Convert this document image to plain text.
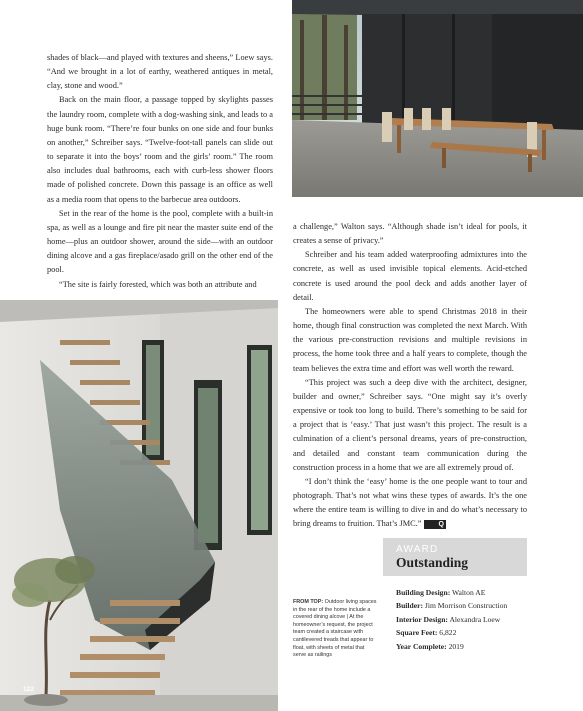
shades of black—and played with textures and sheens,” Loew says. “And we brought in a lot of earthy, weathered antiques in metal, clay, stone and wood.”

Back on the main floor, a passage topped by skylights passes the laundry room, complete with a dog-washing sink, and leads to a huge bunk room. “There’re four bunks on one side and four bunks on another,” Schreiber says. “Twelve-foot-tall panels can slide out to separate it into the boys’ room and the girls’ room.” The room also includes dual bathrooms, each with curb-less shower floors made of polished concrete. Down this passage is an office as well as a media room that opens to the barbecue area outdoors.

Set in the rear of the home is the pool, complete with a built-in spa, as well as a lounge and fire pit near the master suite end of the home—plus an outdoor shower, around the side—with an outdoor dining alcove and a gas fireplace/asado grill on the other end of the pool.

“The site is fairly forested, which was both an attribute and

a challenge,” Walton says. “Although shade isn’t ideal for pools, it creates a sense of privacy.”

Schreiber and his team added waterproofing admixtures into the concrete, as well as used invisible topical elements. Acid-etched concrete is used around the pool deck and adds another layer of detail.

The homeowners were able to spend Christmas 2018 in their home, though final construction was completed the next March. With the various pre-construction revisions and multiple revisions in process, the home took three and a half years to complete, though the team believes the extra time and effort was well worth the reward.

“This project was such a deep dive with the architect, designer, builder and owner,” Schreiber says. “One might say it’s overly expensive or took too long to build. There’s something to be said for a project that is ‘easy.’ That just wasn’t this project. The result is a culmination of a client’s personal dreams, years of pre-construction, and detailed and constant team communication during the construction process in a home that we are all extremely proud of.

“I don’t think the ‘easy’ home is the one people want to tour and photograph. That’s not what wins these types of awards. It’s the one where the entire team is willing to dive in and do what’s necessary to bring dreams to fruition. That’s JMC.” Q

122
FROM TOP: Outdoor living spaces in the rear of the home include a covered dining alcove | At the homeowner’s request, the project team created a staircase with cantilevered treads that appear to float, with sheets of metal that serve as railings
AWARD
Outstanding
Building Design: Walton AE
Builder: Jim Morrison Construction
Interior Design: Alexandra Loew
Square Feet: 6,822
Year Complete: 2019
